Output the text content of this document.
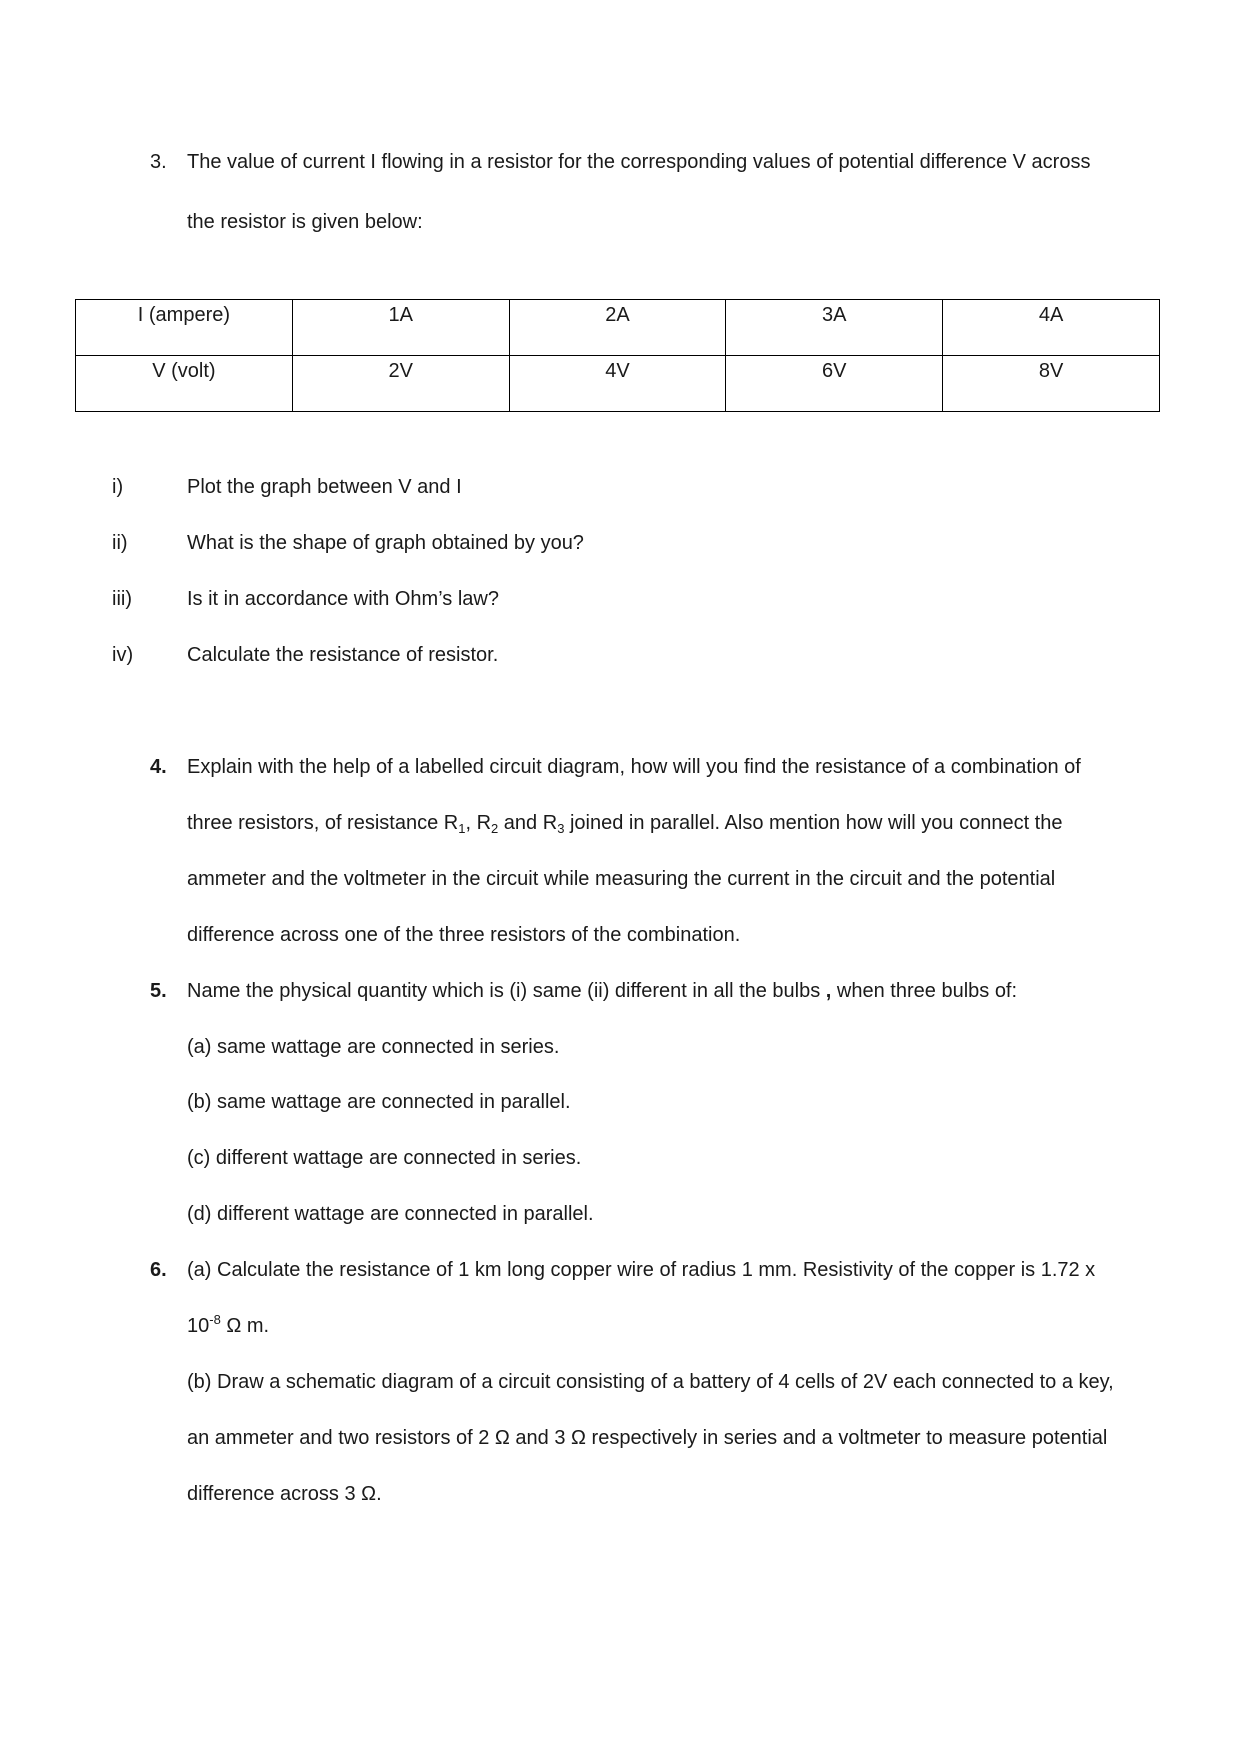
3. The value of current I flowing in a resistor for the corresponding values of potential difference V across
the resistor is given below:
I (ampere)	1A	2A	3A	4A
V (volt)	2V	4V	6V	8V
i)	Plot the graph between V and I
ii)	What is the shape of graph obtained by you?
iii)	Is it in accordance with Ohm’s law?
iv)	Calculate the resistance of resistor.
4. Explain with the help of a labelled circuit diagram, how will you find the resistance of a combination of
three resistors, of resistance $R_1$, $R_2$ and $R_3$ joined in parallel. Also mention how will you connect the
ammeter and the voltmeter in the circuit while measuring the current in the circuit and the potential
difference across one of the three resistors of the combination.
5. Name the physical quantity which is (i) same (ii) different in all the bulbs , when three bulbs of:
(a) same wattage are connected in series.
(b) same wattage are connected in parallel.
(c) different wattage are connected in series.
(d) different wattage are connected in parallel.
6. (a) Calculate the resistance of 1 km long copper wire of radius 1 mm. Resistivity of the copper is 1.72 x
$10^{-8}$ Ω m.
(b) Draw a schematic diagram of a circuit consisting of a battery of 4 cells of 2V each connected to a key,
an ammeter and two resistors of 2 Ω and 3 Ω respectively in series and a voltmeter to measure potential
difference across 3 Ω.
